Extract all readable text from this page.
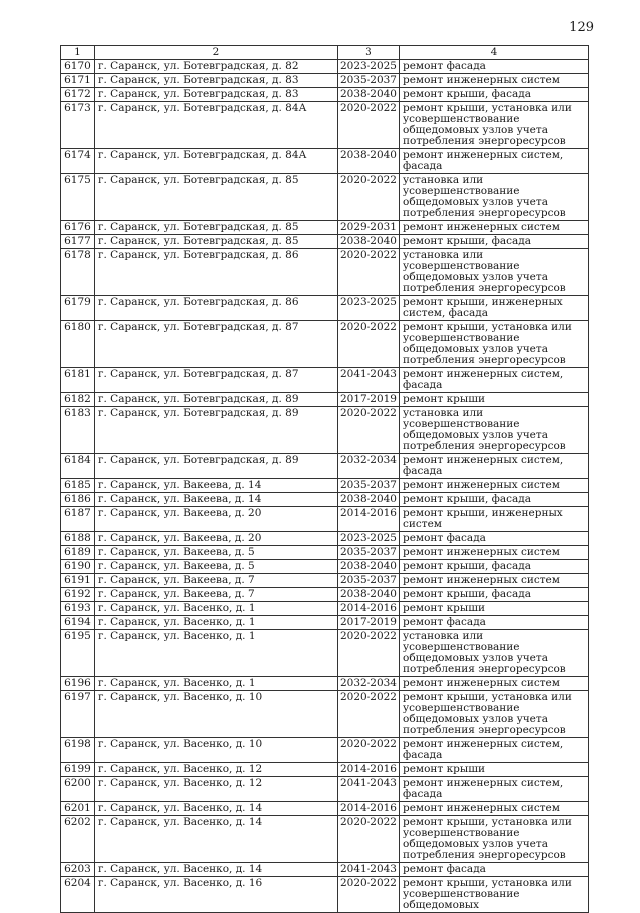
129
1	2	3	4
6170	г. Саранск, ул. Ботевградская, д. 82	2023-2025	ремонт фасада
6171	г. Саранск, ул. Ботевградская, д. 83	2035-2037	ремонт инженерных систем
6172	г. Саранск, ул. Ботевградская, д. 83	2038-2040	ремонт крыши, фасада
6173	г. Саранск, ул. Ботевградская, д. 84А	2020-2022	ремонт крыши, установка или усовершенствование общедомовых узлов учета потребления энергоресурсов
6174	г. Саранск, ул. Ботевградская, д. 84А	2038-2040	ремонт инженерных систем, фасада
6175	г. Саранск, ул. Ботевградская, д. 85	2020-2022	установка или усовершенствование общедомовых узлов учета потребления энергоресурсов
6176	г. Саранск, ул. Ботевградская, д. 85	2029-2031	ремонт инженерных систем
6177	г. Саранск, ул. Ботевградская, д. 85	2038-2040	ремонт крыши, фасада
6178	г. Саранск, ул. Ботевградская, д. 86	2020-2022	установка или усовершенствование общедомовых узлов учета потребления энергоресурсов
6179	г. Саранск, ул. Ботевградская, д. 86	2023-2025	ремонт крыши, инженерных систем, фасада
6180	г. Саранск, ул. Ботевградская, д. 87	2020-2022	ремонт крыши, установка или усовершенствование общедомовых узлов учета потребления энергоресурсов
6181	г. Саранск, ул. Ботевградская, д. 87	2041-2043	ремонт инженерных систем, фасада
6182	г. Саранск, ул. Ботевградская, д. 89	2017-2019	ремонт крыши
6183	г. Саранск, ул. Ботевградская, д. 89	2020-2022	установка или усовершенствование общедомовых узлов учета потребления энергоресурсов
6184	г. Саранск, ул. Ботевградская, д. 89	2032-2034	ремонт инженерных систем, фасада
6185	г. Саранск, ул. Вакеева, д. 14	2035-2037	ремонт инженерных систем
6186	г. Саранск, ул. Вакеева, д. 14	2038-2040	ремонт крыши, фасада
6187	г. Саранск, ул. Вакеева, д. 20	2014-2016	ремонт крыши, инженерных систем
6188	г. Саранск, ул. Вакеева, д. 20	2023-2025	ремонт фасада
6189	г. Саранск, ул. Вакеева, д. 5	2035-2037	ремонт инженерных систем
6190	г. Саранск, ул. Вакеева, д. 5	2038-2040	ремонт крыши, фасада
6191	г. Саранск, ул. Вакеева, д. 7	2035-2037	ремонт инженерных систем
6192	г. Саранск, ул. Вакеева, д. 7	2038-2040	ремонт крыши, фасада
6193	г. Саранск, ул. Васенко, д. 1	2014-2016	ремонт крыши
6194	г. Саранск, ул. Васенко, д. 1	2017-2019	ремонт фасада
6195	г. Саранск, ул. Васенко, д. 1	2020-2022	установка или усовершенствование общедомовых узлов учета потребления энергоресурсов
6196	г. Саранск, ул. Васенко, д. 1	2032-2034	ремонт инженерных систем
6197	г. Саранск, ул. Васенко, д. 10	2020-2022	ремонт крыши, установка или усовершенствование общедомовых узлов учета потребления энергоресурсов
6198	г. Саранск, ул. Васенко, д. 10	2020-2022	ремонт инженерных систем, фасада
6199	г. Саранск, ул. Васенко, д. 12	2014-2016	ремонт крыши
6200	г. Саранск, ул. Васенко, д. 12	2041-2043	ремонт инженерных систем, фасада
6201	г. Саранск, ул. Васенко, д. 14	2014-2016	ремонт инженерных систем
6202	г. Саранск, ул. Васенко, д. 14	2020-2022	ремонт крыши, установка или усовершенствование общедомовых узлов учета потребления энергоресурсов
6203	г. Саранск, ул. Васенко, д. 14	2041-2043	ремонт фасада
6204	г. Саранск, ул. Васенко, д. 16	2020-2022	ремонт крыши, установка или усовершенствование общедомовых
